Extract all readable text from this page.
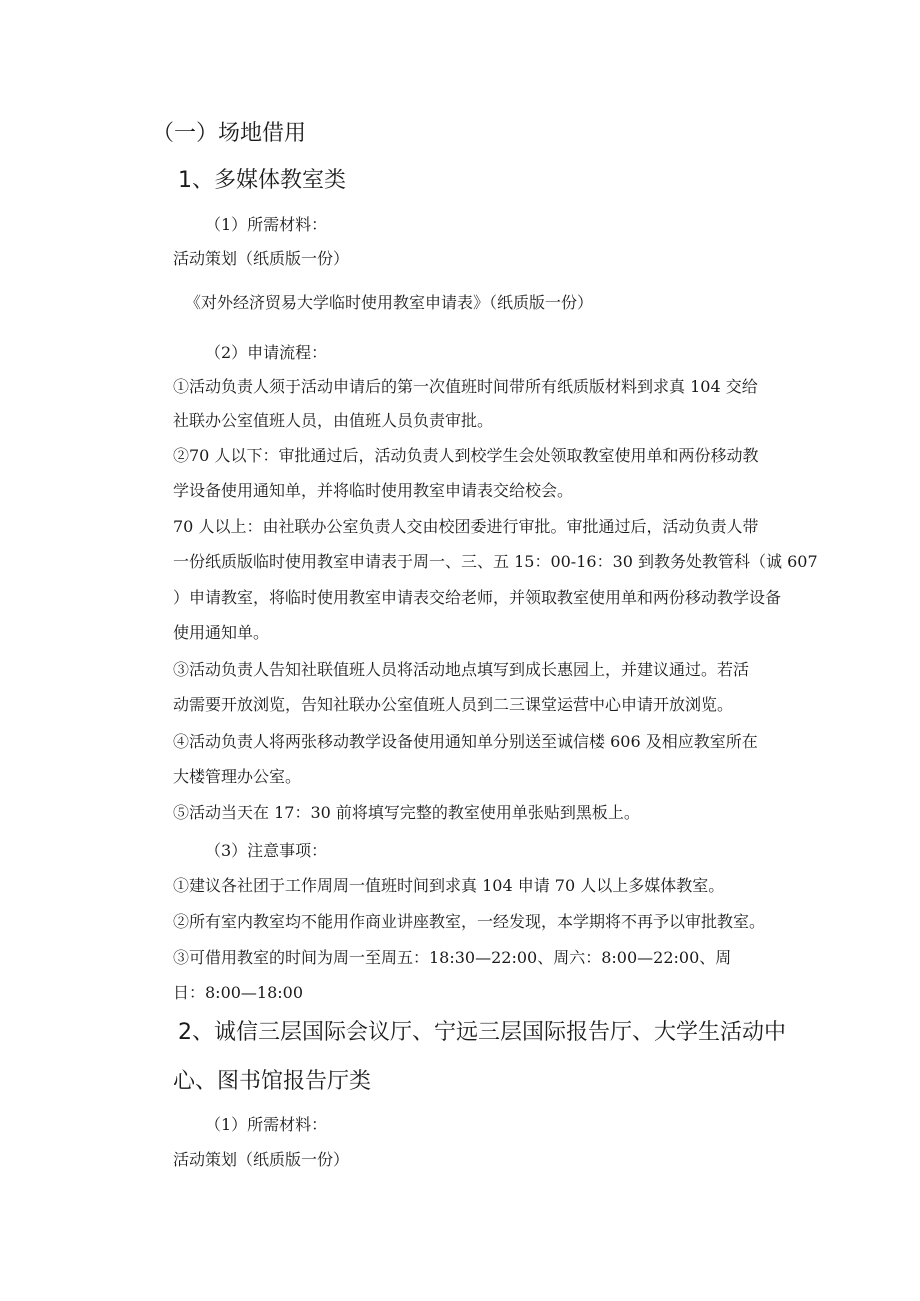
（一）场地借用

1、多媒体教室类

（1）所需材料：

活动策划（纸质版一份）

《对外经济贸易大学临时使用教室申请表》（纸质版一份）

（2）申请流程：

①活动负责人须于活动申请后的第一次值班时间带所有纸质版材料到求真 104 交给

社联办公室值班人员，由值班人员负责审批。

②70 人以下：审批通过后，活动负责人到校学生会处领取教室使用单和两份移动教

学设备使用通知单，并将临时使用教室申请表交给校会。

70 人以上：由社联办公室负责人交由校团委进行审批。审批通过后，活动负责人带

一份纸质版临时使用教室申请表于周一、三、五 15：00-16：30 到教务处教管科（诚 607

）申请教室，将临时使用教室申请表交给老师，并领取教室使用单和两份移动教学设备

使用通知单。

③活动负责人告知社联值班人员将活动地点填写到成长惠园上，并建议通过。若活

动需要开放浏览，告知社联办公室值班人员到二三课堂运营中心申请开放浏览。

④活动负责人将两张移动教学设备使用通知单分别送至诚信楼 606 及相应教室所在

大楼管理办公室。

⑤活动当天在 17：30 前将填写完整的教室使用单张贴到黑板上。

（3）注意事项：

①建议各社团于工作周周一值班时间到求真 104 申请 70 人以上多媒体教室。

②所有室内教室均不能用作商业讲座教室，一经发现，本学期将不再予以审批教室。

③可借用教室的时间为周一至周五：18:30—22:00、周六：8:00—22:00、周

日：8:00—18:00

2、诚信三层国际会议厅、宁远三层国际报告厅、大学生活动中

心、图书馆报告厅类

（1）所需材料：

活动策划（纸质版一份）
